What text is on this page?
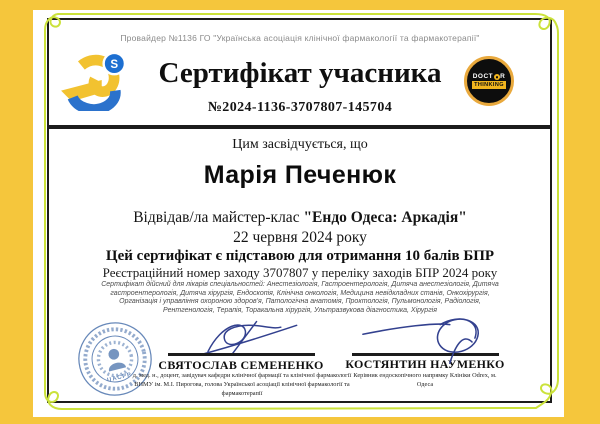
Провайдер №1136 ГО "Українська асоціація клінічної фармакології та фармакотерапії"
S	Сертифікат учасника
№2024-1136-3707807-145704
DOCT R
THINKING
Цим засвідчується, що
Марія Печенюк
Відвідав/ла майстер-клас "Ендо Одеса: Аркадія"
22 червня 2024 року
Цей сертифікат є підставою для отримання 10 балів БПР
Реєстраційний номер заходу 3707807 у переліку заходів БПР 2024 року
Сертифікат дійсний для лікарів спеціальностей: Анестезіологія, Гастроентерологія, Дитяча анестезіологія, Дитяча гастроентерологія, Дитяча хірургія, Ендоскопія, Клінічна онкологія, Медицина невідкладних станів, Онкохірургія, Організація і управління охороною здоров'я, Патологічна анатомія, Проктологія, Пульмонологія, Радіологія, Рентгенологія, Терапія, Торакальна хірургія, Ультразвукова діагностика, Хірургія
UACPP
СВЯТОСЛАВ СЕМЕНЕНКО
д. мед. н., доцент, завідувач кафедри клінічної фармації та клінічної фармакології ВНМУ ім. М.І. Пирогова, голова Української асоціації клінічної фармакології та фармакотерапії
КОСТЯНТИН НАУМЕНКО
Керівник ендоскопічного напрямку Клініки Odrex, м. Одеса
